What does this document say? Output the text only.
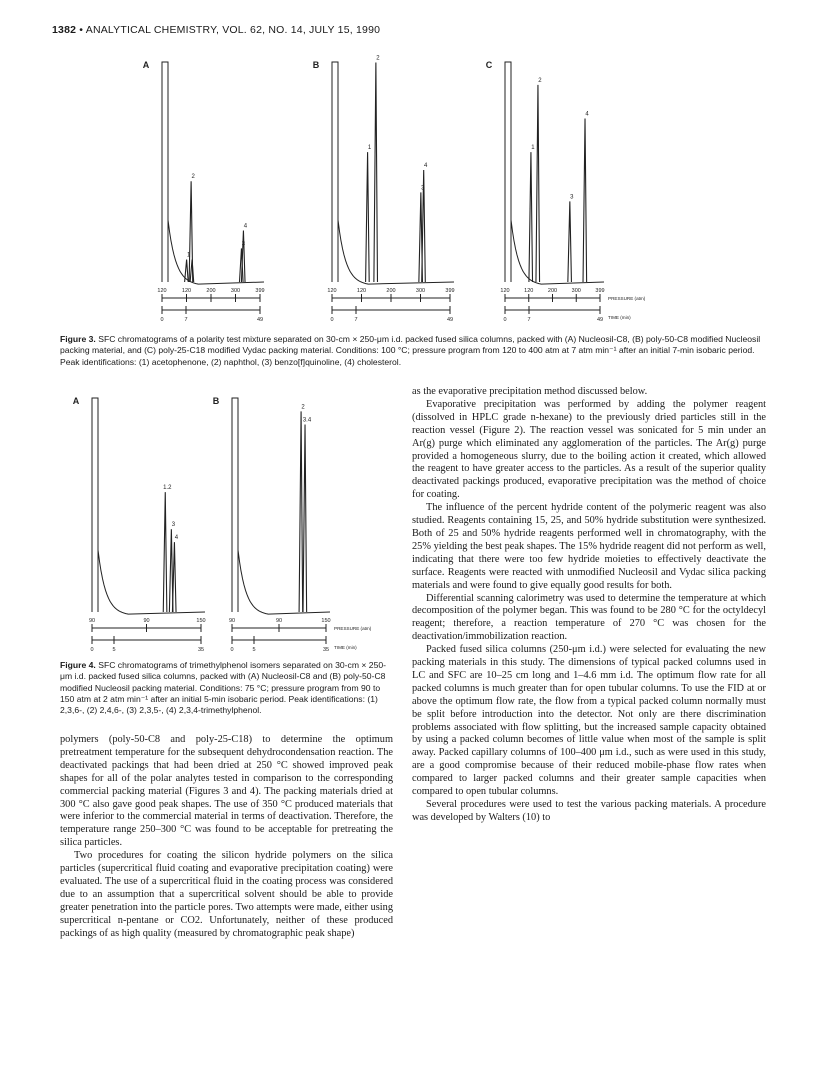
1382 • ANALYTICAL CHEMISTRY, VOL. 62, NO. 14, JULY 15, 1990
A
1
2
3
4
120	120	200	300	399
0	7	49
B
1
2
3
4
120	120	200	300	399
0	7	49
C
1
2
3
4
120	120	200	300	399
0	7	49
PRESSURE (atm)
TIME (min)
Figure 3. SFC chromatograms of a polarity test mixture separated on 30-cm × 250-μm i.d. packed fused silica columns, packed with (A) Nucleosil-C8, (B) poly-50-C8 modified Nucleosil packing material, and (C) poly-25-C18 modified Vydac packing material. Conditions: 100 °C; pressure program from 120 to 400 atm at 7 atm min⁻¹ after an initial 7-min isobaric period. Peak identifications: (1) acetophenone, (2) naphthol, (3) benzo[f]quinoline, (4) cholesterol.
A
1.2
3
4
90	90	150
0	5	35
B
2
3.4
90	90	150
0	5	35
PRESSURE (atm)
TIME (min)
Figure 4. SFC chromatograms of trimethylphenol isomers separated on 30-cm × 250-μm i.d. packed fused silica columns, packed with (A) Nucleosil-C8 and (B) poly-50-C8 modified Nucleosil packing material. Conditions: 75 °C; pressure program from 90 to 150 atm at 2 atm min⁻¹ after an initial 5-min isobaric period. Peak identifications: (1) 2,3,6-, (2) 2,4,6-, (3) 2,3,5-, (4) 2,3,4-trimethylphenol.

polymers (poly-50-C8 and poly-25-C18) to determine the optimum pretreatment temperature for the subsequent dehydrocondensation reaction. The deactivated packings that had been dried at 250 °C showed improved peak shapes for all of the polar analytes tested in comparison to the corresponding commercial packing material (Figures 3 and 4). The packing materials dried at 300 °C also gave good peak shapes. The use of 350 °C produced materials that were inferior to the commercial material in terms of deactivation. Therefore, the temperature range 250–300 °C was found to be acceptable for pretreating the silica particles.

Two procedures for coating the silicon hydride polymers on the silica particles (supercritical fluid coating and evaporative precipitation coating) were evaluated. The use of a supercritical fluid in the coating process was considered due to an assumption that a supercritical solvent should be able to provide greater penetration into the particle pores. Two attempts were made, either using supercritical n-pentane or CO2. Unfortunately, neither of these produced packings of as high quality (measured by chromatographic peak shape)

as the evaporative precipitation method discussed below.

Evaporative precipitation was performed by adding the polymer reagent (dissolved in HPLC grade n-hexane) to the previously dried particles still in the reaction vessel (Figure 2). The reaction vessel was sonicated for 5 min under an Ar(g) purge which eliminated any agglomeration of the particles. The Ar(g) purge provided a homogeneous slurry, due to the boiling action it created, which allowed the reagent to have greater access to the particles. As a result of the superior quality deactivated packings produced, evaporative precipitation was the method of choice for coating.

The influence of the percent hydride content of the polymeric reagent was also studied. Reagents containing 15, 25, and 50% hydride substitution were synthesized. Both of 25 and 50% hydride reagents performed well in chromatography, with the 25% yielding the best peak shapes. The 15% hydride reagent did not perform as well, indicating that there were too few hydride moieties to effectively deactivate the surface. Reagents were reacted with unmodified Nucleosil and Vydac silica packing materials and were found to give equally good results for both.

Differential scanning calorimetry was used to determine the temperature at which decomposition of the polymer began. This was found to be 280 °C for the octyldecyl reagent; therefore, a reaction temperature of 270 °C was chosen for the deactivation/immobilization reaction.

Packed fused silica columns (250-μm i.d.) were selected for evaluating the new packing materials in this study. The dimensions of typical packed columns used in LC and SFC are 10–25 cm long and 1–4.6 mm i.d. The optimum flow rate for all packed columns is much greater than for open tubular columns. To use the FID at or above the optimum flow rate, the flow from a typical packed column normally must be split before introduction into the detector. Not only are there discrimination problems associated with flow splitting, but the increased sample capacity obtained by using a packed column becomes of little value when most of the sample is split away. Packed capillary columns of 100–400 μm i.d., such as were used in this study, are a good compromise because of their reduced mobile-phase flow rates when compared to larger packed columns and their greater sample capacities when compared to open tubular columns.

Several procedures were used to test the various packing materials. A procedure was developed by Walters (10) to
